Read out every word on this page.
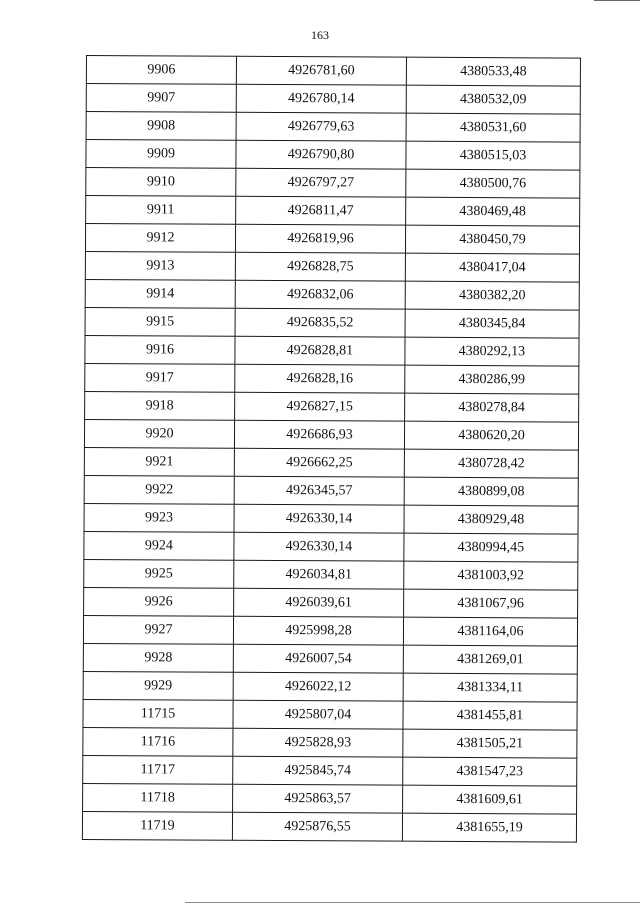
163
9906	4926781,60	4380533,48
9907	4926780,14	4380532,09
9908	4926779,63	4380531,60
9909	4926790,80	4380515,03
9910	4926797,27	4380500,76
9911	4926811,47	4380469,48
9912	4926819,96	4380450,79
9913	4926828,75	4380417,04
9914	4926832,06	4380382,20
9915	4926835,52	4380345,84
9916	4926828,81	4380292,13
9917	4926828,16	4380286,99
9918	4926827,15	4380278,84
9920	4926686,93	4380620,20
9921	4926662,25	4380728,42
9922	4926345,57	4380899,08
9923	4926330,14	4380929,48
9924	4926330,14	4380994,45
9925	4926034,81	4381003,92
9926	4926039,61	4381067,96
9927	4925998,28	4381164,06
9928	4926007,54	4381269,01
9929	4926022,12	4381334,11
11715	4925807,04	4381455,81
11716	4925828,93	4381505,21
11717	4925845,74	4381547,23
11718	4925863,57	4381609,61
11719	4925876,55	4381655,19
